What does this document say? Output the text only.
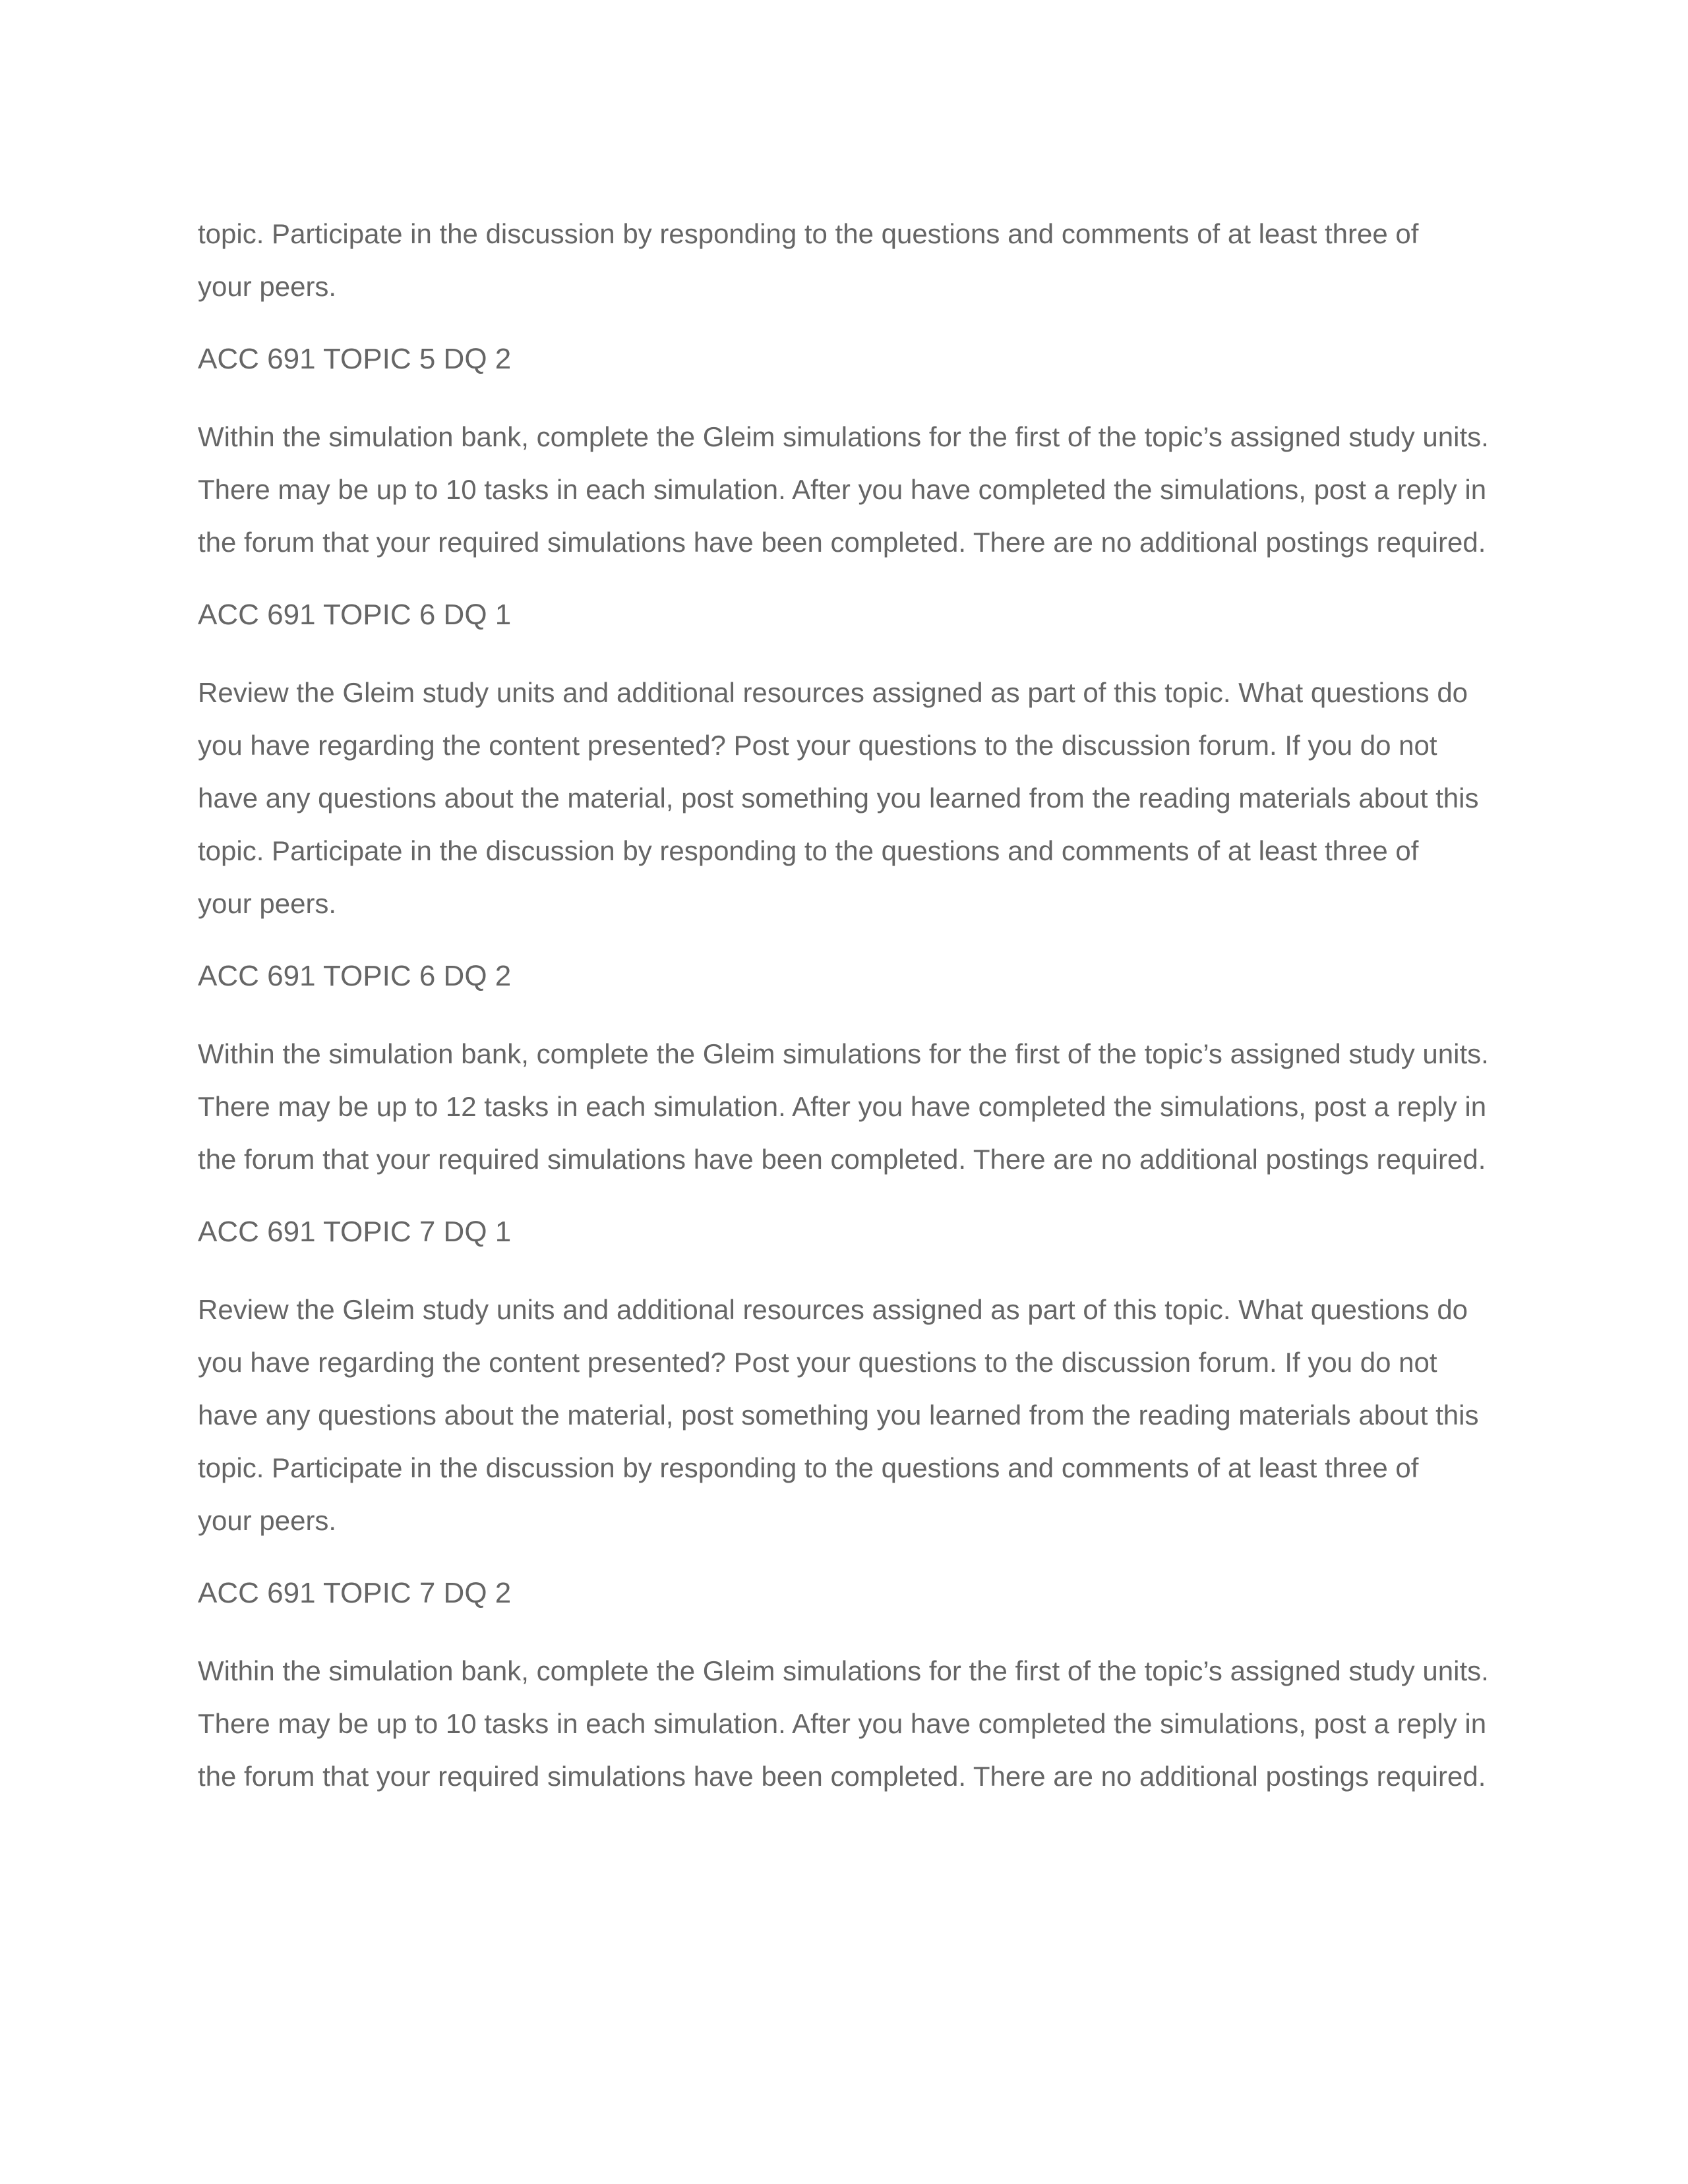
topic. Participate in the discussion by responding to the questions and comments of at least three of
your peers.
ACC 691 TOPIC 5 DQ 2
Within the simulation bank, complete the Gleim simulations for the first of the topic’s assigned study units.
There may be up to 10 tasks in each simulation. After you have completed the simulations, post a reply in
the forum that your required simulations have been completed. There are no additional postings required.
ACC 691 TOPIC 6 DQ 1
Review the Gleim study units and additional resources assigned as part of this topic. What questions do
you have regarding the content presented? Post your questions to the discussion forum. If you do not
have any questions about the material, post something you learned from the reading materials about this
topic. Participate in the discussion by responding to the questions and comments of at least three of
your peers.
ACC 691 TOPIC 6 DQ 2
Within the simulation bank, complete the Gleim simulations for the first of the topic’s assigned study units.
There may be up to 12 tasks in each simulation. After you have completed the simulations, post a reply in
the forum that your required simulations have been completed. There are no additional postings required.
ACC 691 TOPIC 7 DQ 1
Review the Gleim study units and additional resources assigned as part of this topic. What questions do
you have regarding the content presented? Post your questions to the discussion forum. If you do not
have any questions about the material, post something you learned from the reading materials about this
topic. Participate in the discussion by responding to the questions and comments of at least three of
your peers.
ACC 691 TOPIC 7 DQ 2
Within the simulation bank, complete the Gleim simulations for the first of the topic’s assigned study units.
There may be up to 10 tasks in each simulation. After you have completed the simulations, post a reply in
the forum that your required simulations have been completed. There are no additional postings required.
